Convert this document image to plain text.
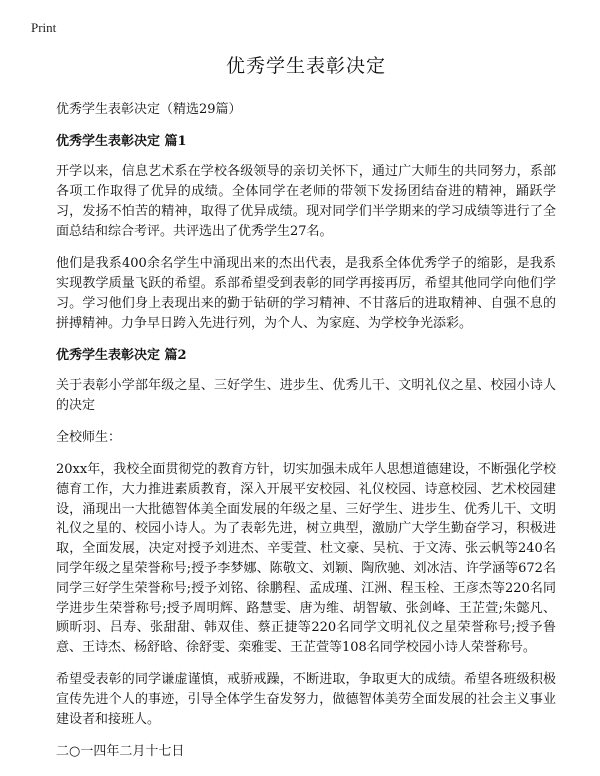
Print
优秀学生表彰决定

优秀学生表彰决定（精选29篇）

优秀学生表彰决定 篇1

开学以来，信息艺术系在学校各级领导的亲切关怀下，通过广大师生的共同努力，系部各项工作取得了优异的成绩。全体同学在老师的带领下发扬团结奋进的精神，踊跃学习，发扬不怕苦的精神，取得了优异成绩。现对同学们半学期来的学习成绩等进行了全面总结和综合考评。共评选出了优秀学生27名。

他们是我系400余名学生中涌现出来的杰出代表，是我系全体优秀学子的缩影，是我系实现教学质量飞跃的希望。系部希望受到表彰的同学再接再厉，希望其他同学向他们学习。学习他们身上表现出来的勤于钻研的学习精神、不甘落后的进取精神、自强不息的拼搏精神。力争早日跨入先进行列，为个人、为家庭、为学校争光添彩。

优秀学生表彰决定 篇2

关于表彰小学部年级之星、三好学生、进步生、优秀儿干、文明礼仪之星、校园小诗人的决定

全校师生：

20xx年，我校全面贯彻党的教育方针，切实加强未成年人思想道德建设，不断强化学校德育工作，大力推进素质教育，深入开展平安校园、礼仪校园、诗意校园、艺术校园建设，涌现出一大批德智体美全面发展的年级之星、三好学生、进步生、优秀儿干、文明礼仪之星的、校园小诗人。为了表彰先进，树立典型，激励广大学生勤奋学习，积极进取，全面发展，决定对授予刘进杰、辛雯萱、杜文豪、吴杭、于文涛、张云帆等240名同学年级之星荣誉称号;授予李梦娜、陈敬文、刘颖、陶欣驰、刘冰洁、许学涵等672名同学三好学生荣誉称号;授予刘铭、徐鹏程、孟成瑾、江洲、程玉栓、王彦杰等220名同学进步生荣誉称号;授予周明辉、路慧雯、唐为维、胡智敏、张剑峰、王芷萱;朱懿凡、顾昕羽、吕寿、张甜甜、韩双佳、蔡正捷等220名同学文明礼仪之星荣誉称号;授予鲁意、王诗杰、杨舒晗、徐舒雯、栾雅雯、王芷萱等108名同学校园小诗人荣誉称号。

希望受表彰的同学谦虚谨慎，戒骄戒躁，不断进取，争取更大的成绩。希望各班级积极宣传先进个人的事迹，引导全体学生奋发努力，做德智体美劳全面发展的社会主义事业建设者和接班人。

二○一四年二月十七日
